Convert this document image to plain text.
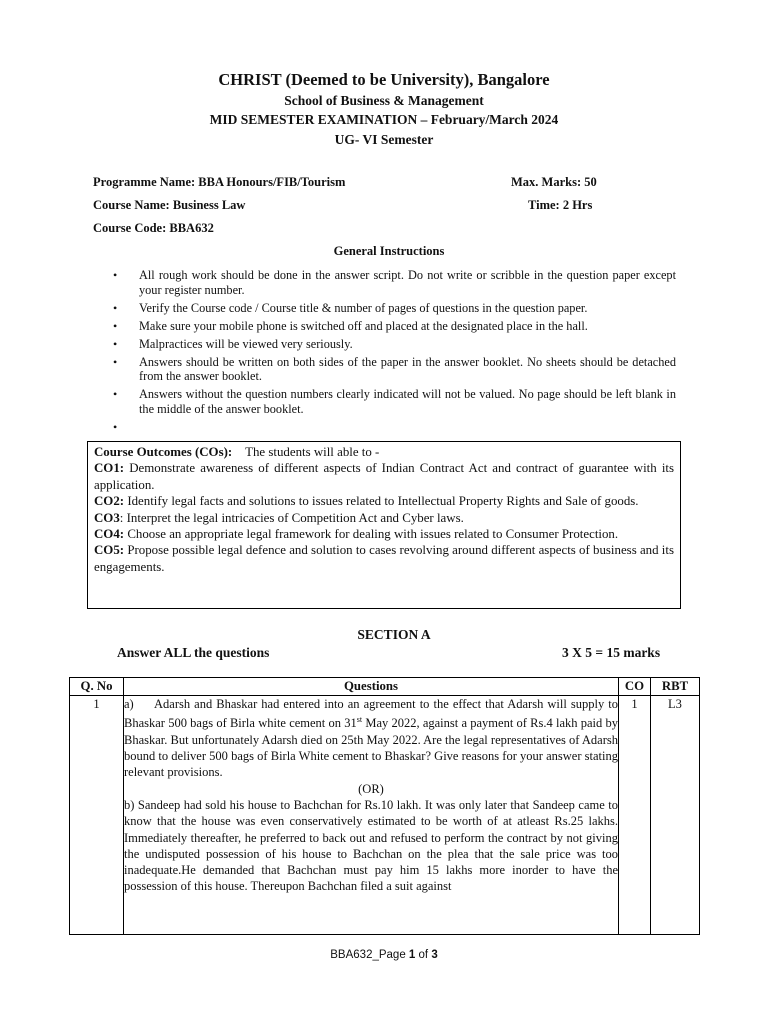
CHRIST (Deemed to be University), Bangalore
School of Business & Management
MID SEMESTER EXAMINATION – February/March 2024
UG- VI Semester
Programme Name: BBA Honours/FIB/Tourism	Max. Marks: 50
Course Name: Business Law	Time: 2 Hrs
Course Code: BBA632
General Instructions
• All rough work should be done in the answer script. Do not write or scribble in the question paper except your register number.
• Verify the Course code / Course title & number of pages of questions in the question paper.
• Make sure your mobile phone is switched off and placed at the designated place in the hall.
• Malpractices will be viewed very seriously.
• Answers should be written on both sides of the paper in the answer booklet. No sheets should be detached from the answer booklet.
• Answers without the question numbers clearly indicated will not be valued. No page should be left blank in the middle of the answer booklet.
•

Course Outcomes (COs): The students will able to -

CO1: Demonstrate awareness of different aspects of Indian Contract Act and contract of guarantee with its application.

CO2: Identify legal facts and solutions to issues related to Intellectual Property Rights and Sale of goods.

CO3: Interpret the legal intricacies of Competition Act and Cyber laws.

CO4: Choose an appropriate legal framework for dealing with issues related to Consumer Protection.

CO5: Propose possible legal defence and solution to cases revolving around different aspects of business and its engagements.

SECTION A
Answer ALL the questions	3 X 5 = 15 marks
Q. No	Questions	CO	RBT
1	a) Adarsh and Bhaskar had entered into an agreement to the effect that Adarsh will supply to Bhaskar 500 bags of Birla white cement on 31st May 2022, against a payment of Rs.4 lakh paid by Bhaskar. But unfortunately Adarsh died on 25th May 2022. Are the legal representatives of Adarsh bound to deliver 500 bags of Birla White cement to Bhaskar? Give reasons for your answer stating relevant provisions.

(OR)

b) Sandeep had sold his house to Bachchan for Rs.10 lakh. It was only later that Sandeep came to know that the house was even conservatively estimated to be worth of at atleast Rs.25 lakhs. Immediately thereafter, he preferred to back out and refused to perform the contract by not giving the undisputed possession of his house to Bachchan on the plea that the sale price was too inadequate.He demanded that Bachchan must pay him 15 lakhs more inorder to have the possession of this house. Thereupon Bachchan filed a suit against	1	L3
BBA632_Page 1 of 3
